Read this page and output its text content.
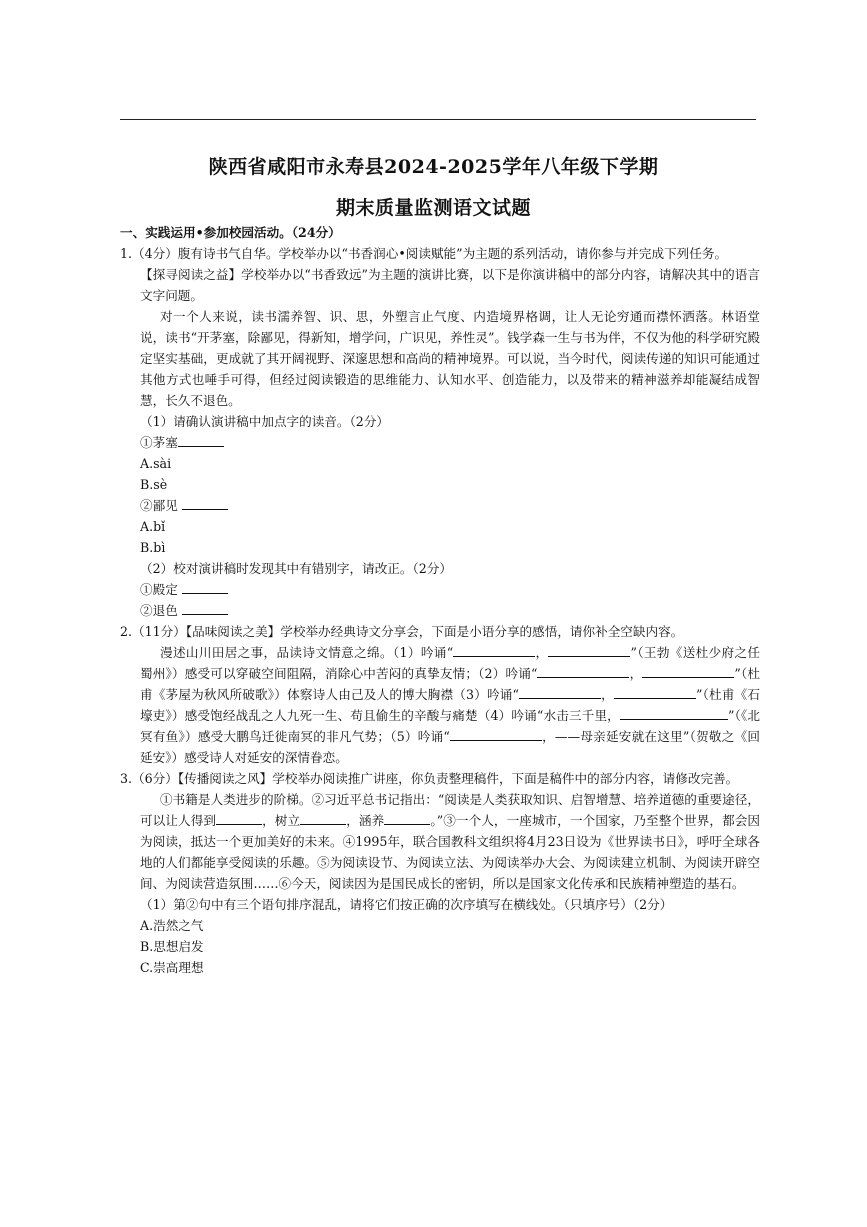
陕西省咸阳市永寿县2024-2025学年八年级下学期
期末质量监测语文试题
一、实践运用•参加校园活动。（24分）
1.（4分）腹有诗书气自华。学校举办以“书香润心•阅读赋能”为主题的系列活动，请你参与并完成下列任务。
【探寻阅读之益】学校举办以“书香致远”为主题的演讲比赛，以下是你演讲稿中的部分内容，请解决其中的语言文字问题。
对一个人来说，读书濡养智、识、思，外塑言止气度、内造境界格调，让人无论穷通而襟怀洒落。林语堂说，读书“开茅塞，除鄙见，得新知，增学问，广识见，养性灵”。钱学森一生与书为伴，不仅为他的科学研究殿定坚实基础，更成就了其开阔视野、深邃思想和高尚的精神境界。可以说，当今时代，阅读传递的知识可能通过其他方式也唾手可得，但经过阅读锻造的思维能力、认知水平、创造能力，以及带来的精神滋养却能凝结成智慧，长久不退色。
（1）请确认演讲稿中加点字的读音。（2分）
①茅塞
A.sài
B.sè
②鄙见
A.bǐ
B.bì
（2）校对演讲稿时发现其中有错别字，请改正。（2分）
①殿定
②退色
2.（11分）【品味阅读之美】学校举办经典诗文分享会，下面是小语分享的感悟，请你补全空缺内容。
漫述山川田居之事，品读诗文情意之绵。（1）吟诵“	，	”（王勃《送杜少府之任蜀州》）感受可以穿破空间阻隔，消除心中苦闷的真挚友情；（2）吟诵“	，	”（杜甫《茅屋为秋风所破歌》）体察诗人由己及人的博大胸襟（3）吟诵“	，	”（杜甫《石壕吏》）感受饱经战乱之人九死一生、苟且偷生的辛酸与痛楚（4）吟诵“水击三千里，	”（《北冥有鱼》）感受大鹏鸟迁徙南冥的非凡气势；（5）吟诵“	，——母亲延安就在这里”（贺敬之《回延安》）感受诗人对延安的深情眷恋。
3.（6分）【传播阅读之风】学校举办阅读推广讲座，你负责整理稿件，下面是稿件中的部分内容，请修改完善。
①书籍是人类进步的阶梯。②习近平总书记指出：“阅读是人类获取知识、启智增慧、培养道德的重要途径，可以让人得到	，树立	，涵养	。”③一个人，一座城市，一个国家，乃至整个世界，都会因为阅读，抵达一个更加美好的未来。④1995年，联合国教科文组织将4月23日设为《世界读书日》，呼吁全球各地的人们都能享受阅读的乐趣。⑤为阅读设节、为阅读立法、为阅读举办大会、为阅读建立机制、为阅读开辟空间、为阅读营造氛围……⑥今天，阅读因为是国民成长的密钥，所以是国家文化传承和民族精神塑造的基石。
（1）第②句中有三个语句排序混乱，请将它们按正确的次序填写在横线处。（只填序号）（2分）
A.浩然之气
B.思想启发
C.崇高理想
